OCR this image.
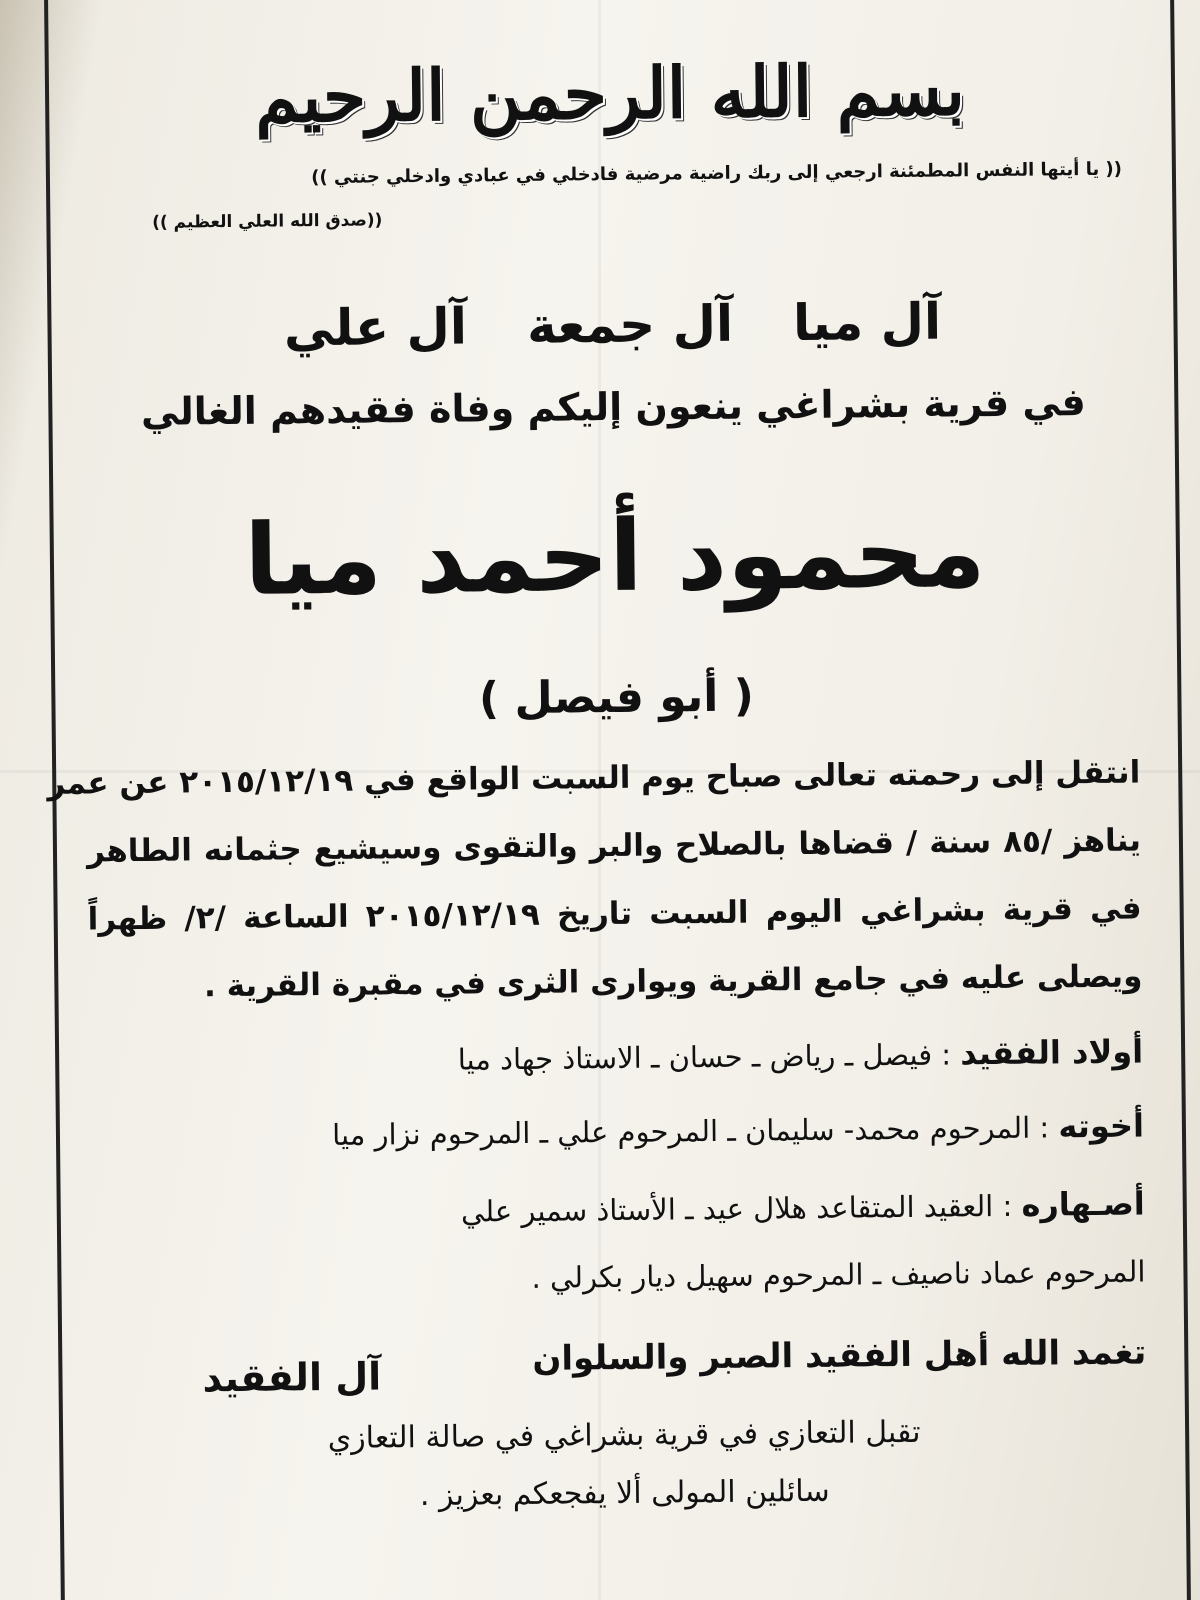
بسم الله الرحمن الرحيم
(( يا أيتها النفس المطمئنة ارجعي إلى ربك راضية مرضية فادخلي في عبادي وادخلي جنتي ))
((صدق الله العلي العظيم ))
آل ميا
آل جمعة
آل علي
في قرية بشراغي ينعون إليكم وفاة فقيدهم الغالي
محمود أحمد ميا
( أبو فيصل )
انتقل إلى رحمته تعالى صباح يوم السبت الواقع في ٢٠١٥/١٢/١٩ عن عمر
يناهز /٨٥ سنة / قضاها بالصلاح والبر والتقوى وسيشيع جثمانه الطاهر
في قرية بشراغي اليوم السبت تاريخ ٢٠١٥/١٢/١٩ الساعة /٢/ ظهراً
ويصلى عليه في جامع القرية ويوارى الثرى في مقبرة القرية .
أولاد الفقيد : فيصل ـ رياض ـ حسان ـ الاستاذ جهاد ميا
أخوته : المرحوم محمد- سليمان ـ المرحوم علي ـ المرحوم نزار ميا
أصـهاره : العقيد المتقاعد هلال عيد ـ الأستاذ سمير علي
المرحوم عماد ناصيف ـ المرحوم سهيل ديار بكرلي .
تغمد الله أهل الفقيد الصبر والسلوان
آل الفقيد
تقبل التعازي في قرية بشراغي في صالة التعازي
سائلين المولى ألا يفجعكم بعزيز .
